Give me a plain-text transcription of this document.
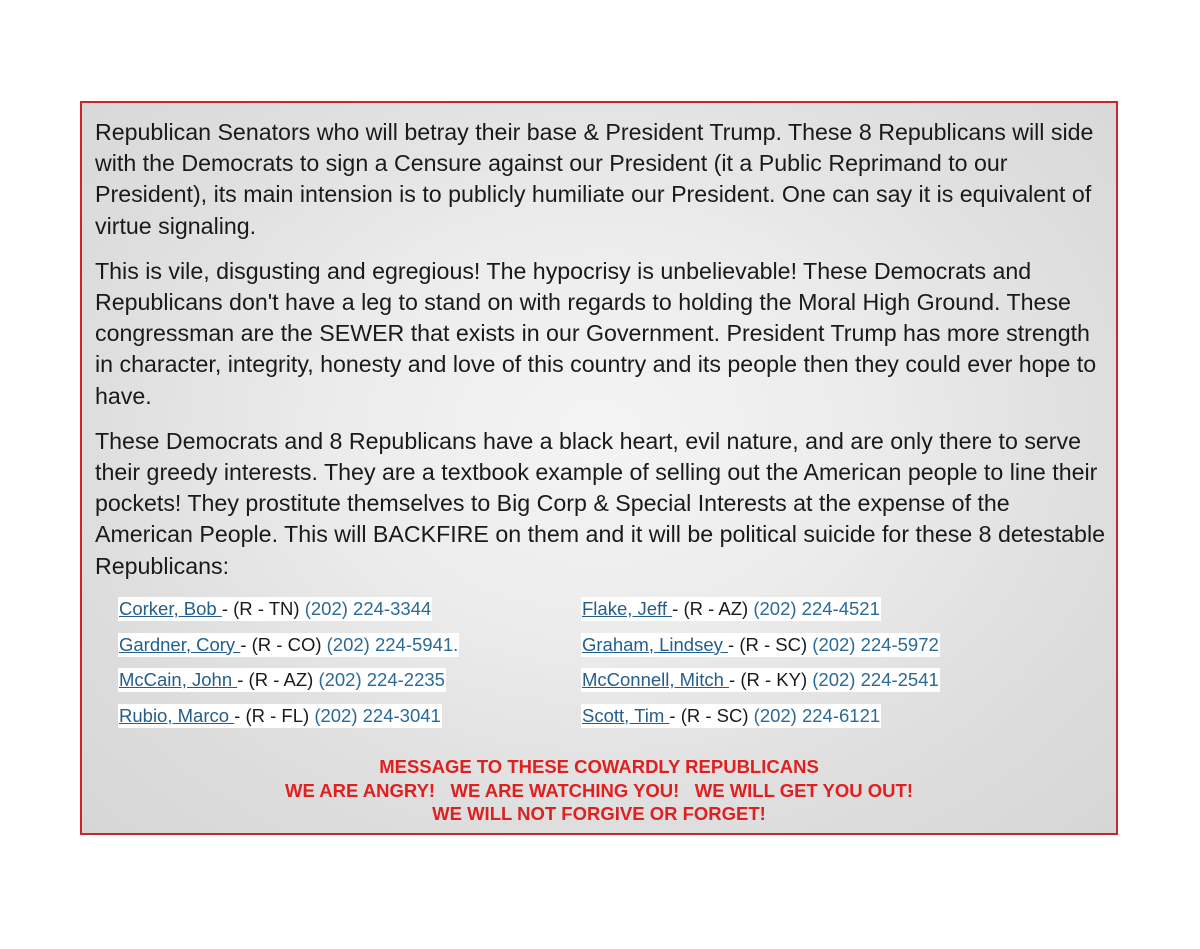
Republican Senators who will betray their base & President Trump. These 8 Republicans will side with the Democrats to sign a Censure against our President (it a Public Reprimand to our President), its main intension is to publicly humiliate our President. One can say it is equivalent of virtue signaling.

This is vile, disgusting and egregious! The hypocrisy is unbelievable! These Democrats and Republicans don't have a leg to stand on with regards to holding the Moral High Ground. These congressman are the SEWER that exists in our Government. President Trump has more strength in character, integrity, honesty and love of this country and its people then they could ever hope to have.

These Democrats and 8 Republicans have a black heart, evil nature, and are only there to serve their greedy interests. They are a textbook example of selling out the American people to line their pockets! They prostitute themselves to Big Corp & Special Interests at the expense of the American People. This will BACKFIRE on them and it will be political suicide for these 8 detestable Republicans:

Corker, Bob - (R - TN) (202) 224-3344	Flake, Jeff - (R - AZ) (202) 224-4521
Gardner, Cory - (R - CO) (202) 224-5941.	Graham, Lindsey - (R - SC) (202) 224-5972
McCain, John - (R - AZ) (202) 224-2235	McConnell, Mitch - (R - KY) (202) 224-2541
Rubio, Marco - (R - FL) (202) 224-3041	Scott, Tim - (R - SC) (202) 224-6121
MESSAGE TO THESE COWARDLY REPUBLICANS
WE ARE ANGRY!   WE ARE WATCHING YOU!   WE WILL GET YOU OUT!
WE WILL NOT FORGIVE OR FORGET!
